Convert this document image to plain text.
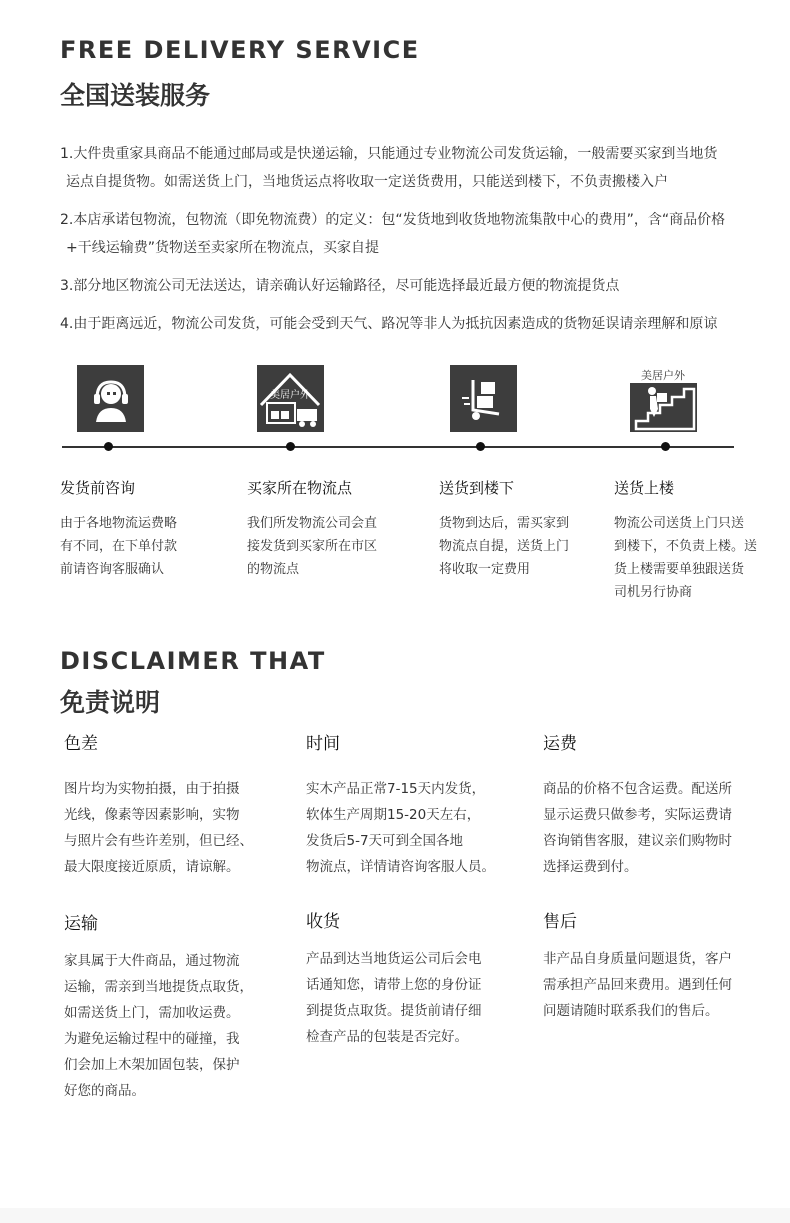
FREE DELIVERY SERVICE
全国送装服务

1.大件贵重家具商品不能通过邮局或是快递运输，只能通过专业物流公司发货运输，一般需要买家到当地货
运点自提货物。如需送货上门，当地货运点将收取一定送货费用，只能送到楼下，不负责搬楼入户

2.本店承诺包物流，包物流（即免物流费）的定义：包“发货地到收货地物流集散中心的费用”，含“商品价格
+干线运输费”货物送至卖家所在物流点，买家自提

3.部分地区物流公司无法送达，请亲确认好运输路径，尽可能选择最近最方便的物流提货点

4.由于距离远近，物流公司发货，可能会受到天气、路况等非人为抵抗因素造成的货物延误请亲理解和原谅

美居户外
美居户外

发货前咨询

由于各地物流运费略
有不同，在下单付款
前请咨询客服确认

买家所在物流点

我们所发物流公司会直
接发货到买家所在市区
的物流点

送货到楼下

货物到达后，需买家到
物流点自提，送货上门
将收取一定费用

送货上楼

物流公司送货上门只送
到楼下，不负责上楼。送
货上楼需要单独跟送货
司机另行协商

DISCLAIMER THAT
免责说明

色差

图片均为实物拍摄，由于拍摄
光线，像素等因素影响，实物
与照片会有些许差别，但已经、
最大限度接近原质，请谅解。

时间

实木产品正常7-15天内发货，
软体生产周期15-20天左右，
发货后5-7天可到全国各地
物流点，详情请咨询客服人员。

运费

商品的价格不包含运费。配送所
显示运费只做参考，实际运费请
咨询销售客服，建议亲们购物时
选择运费到付。

运输

家具属于大件商品，通过物流
运输，需亲到当地提货点取货，
如需送货上门，需加收运费。
为避免运输过程中的碰撞，我
们会加上木架加固包装，保护
好您的商品。

收货

产品到达当地货运公司后会电
话通知您，请带上您的身份证
到提货点取货。提货前请仔细
检查产品的包装是否完好。

售后

非产品自身质量问题退货，客户
需承担产品回来费用。遇到任何
问题请随时联系我们的售后。
